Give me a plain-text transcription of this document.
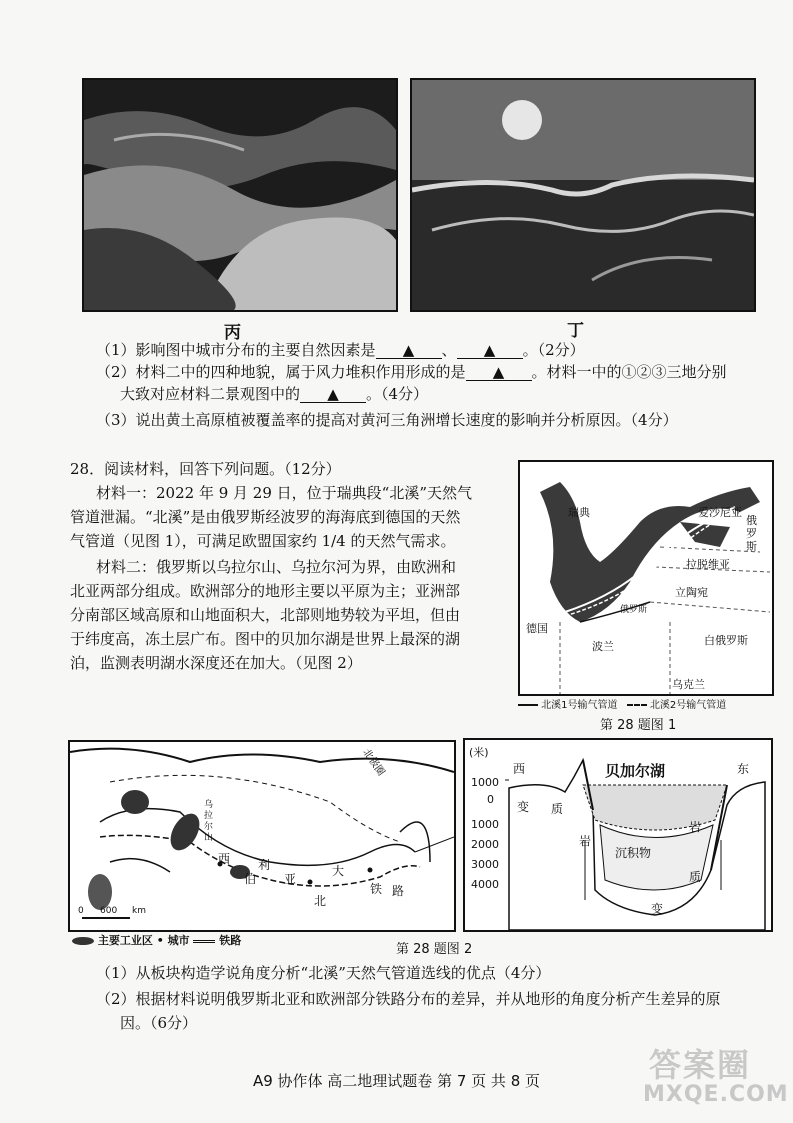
丙	丁
（1）影响图中城市分布的主要自然因素是 ▲ 、 ▲ 。（2分）
（2）材料二中的四种地貌，属于风力堆积作用形成的是 ▲ 。材料一中的①②③三地分别
大致对应材料二景观图中的 ▲ 。（4分）
（3）说出黄土高原植被覆盖率的提高对黄河三角洲增长速度的影响并分析原因。（4分）
28．阅读材料，回答下列问题。（12分）
材料一：2022 年 9 月 29 日，位于瑞典段“北溪”天然气
管道泄漏。“北溪”是由俄罗斯经波罗的海海底到德国的天然
气管道（见图 1），可满足欧盟国家约 1/4 的天然气需求。
材料二：俄罗斯以乌拉尔山、乌拉尔河为界，由欧洲和
北亚两部分组成。欧洲部分的地形主要以平原为主；亚洲部
分南部区域高原和山地面积大，北部则地势较为平坦，但由
于纬度高，冻土层广布。图中的贝加尔湖是世界上最深的湖
泊，监测表明湖水深度还在加大。（见图 2）
芬兰
瑞典	爱沙尼亚
俄罗斯
拉脱维亚
立陶宛
俄罗斯
德国
波兰	白俄罗斯
乌克兰
北溪1号输气管道	北溪2号输气管道
第 28 题图 1
北极圈
乌拉尔山
西 利
伯 亚
大
北
铁 路
0 600 km
主要工业区 • 城市	铁路
(米)
1000
0
1000
2000
3000
4000
贝加尔湖
西	东
变 质
岩
沉积物
岩
质
变
第 28 题图 2
（1）从板块构造学说角度分析“北溪”天然气管道选线的优点（4分）
（2）根据材料说明俄罗斯北亚和欧洲部分铁路分布的差异，并从地形的角度分析产生差异的原
因。（6分）
A9 协作体 高二地理试题卷 第 7 页 共 8 页	答案圈
MXQE.COM
